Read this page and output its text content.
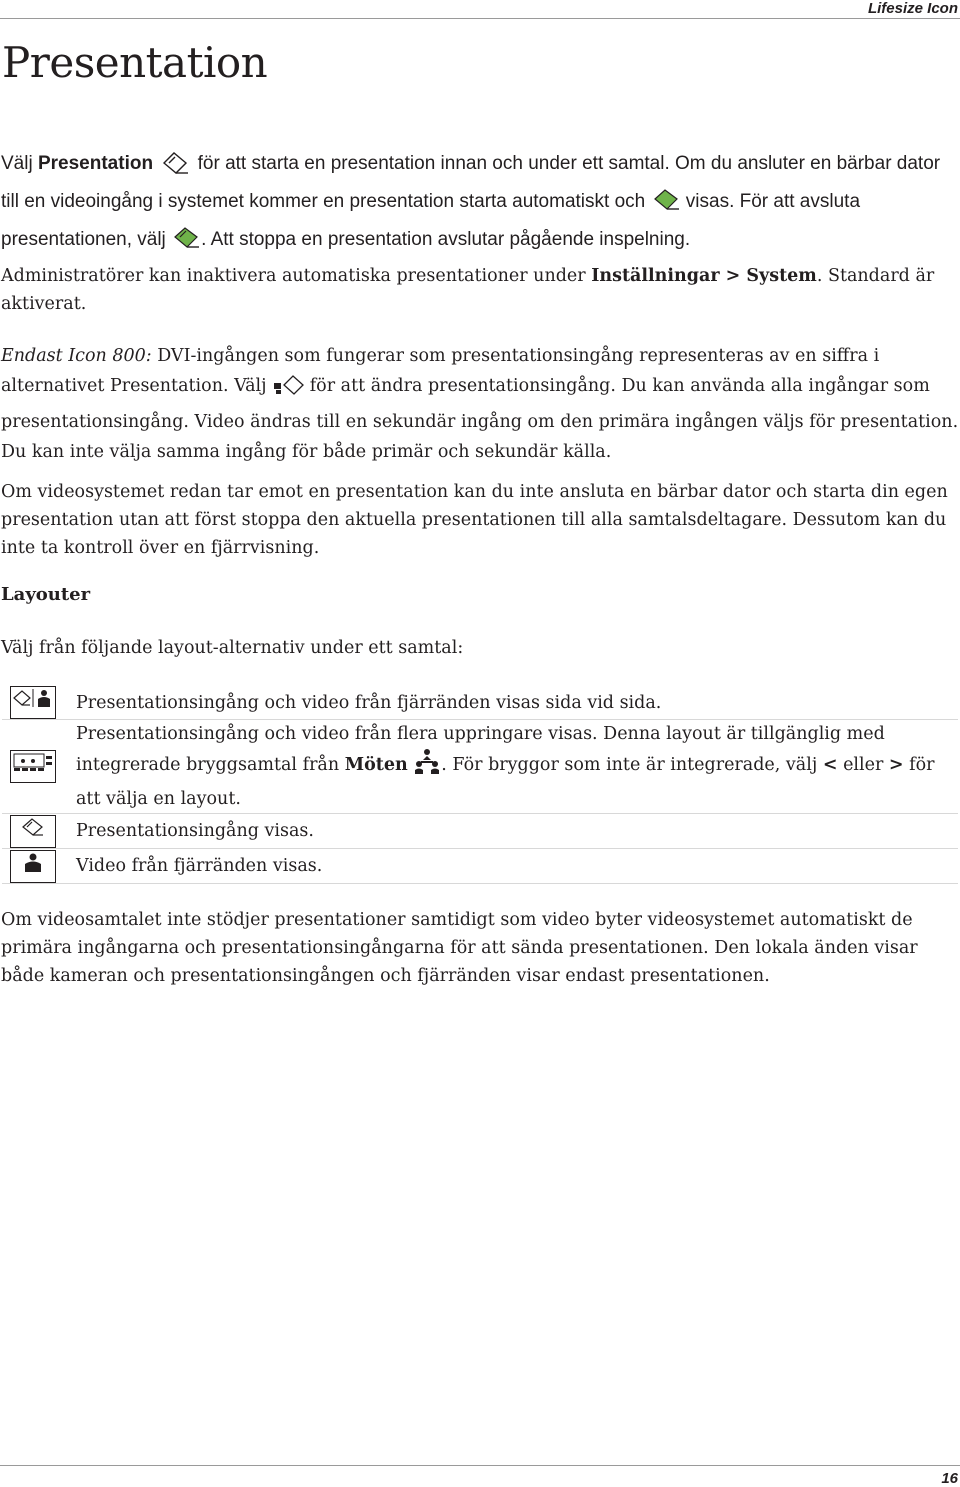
Lifesize Icon
Presentation

Välj Presentation  för att starta en presentation innan och under ett samtal. Om du ansluter en bärbar dator till en videoingång i systemet kommer en presentation starta automatiskt och  visas. För att avsluta presentationen, välj . Att stoppa en presentation avslutar pågående inspelning.

Administratörer kan inaktivera automatiska presentationer under Inställningar > System. Standard är aktiverat.

Endast Icon 800: DVI-ingången som fungerar som presentationsingång representeras av en siffra i alternativet Presentation. Välj  för att ändra presentationsingång. Du kan använda alla ingångar som presentationsingång. Video ändras till en sekundär ingång om den primära ingången väljs för presentation. Du kan inte välja samma ingång för både primär och sekundär källa.

Om videosystemet redan tar emot en presentation kan du inte ansluta en bärbar dator och starta din egen presentation utan att först stoppa den aktuella presentationen till alla samtalsdeltagare. Dessutom kan du inte ta kontroll över en fjärrvisning.

Layouter

Välj från följande layout-alternativ under ett samtal:

	Presentationsingång och video från fjärränden visas sida vid sida.
	Presentationsingång och video från flera uppringare visas. Denna layout är tillgänglig med integrerade bryggsamtal från Möten . För bryggor som inte är integrerade, välj < eller > för att välja en layout.
	Presentationsingång visas.
	Video från fjärränden visas.

Om videosamtalet inte stödjer presentationer samtidigt som video byter videosystemet automatiskt de primära ingångarna och presentationsingångarna för att sända presentationen. Den lokala änden visar både kameran och presentationsingången och fjärränden visar endast presentationen.

16
